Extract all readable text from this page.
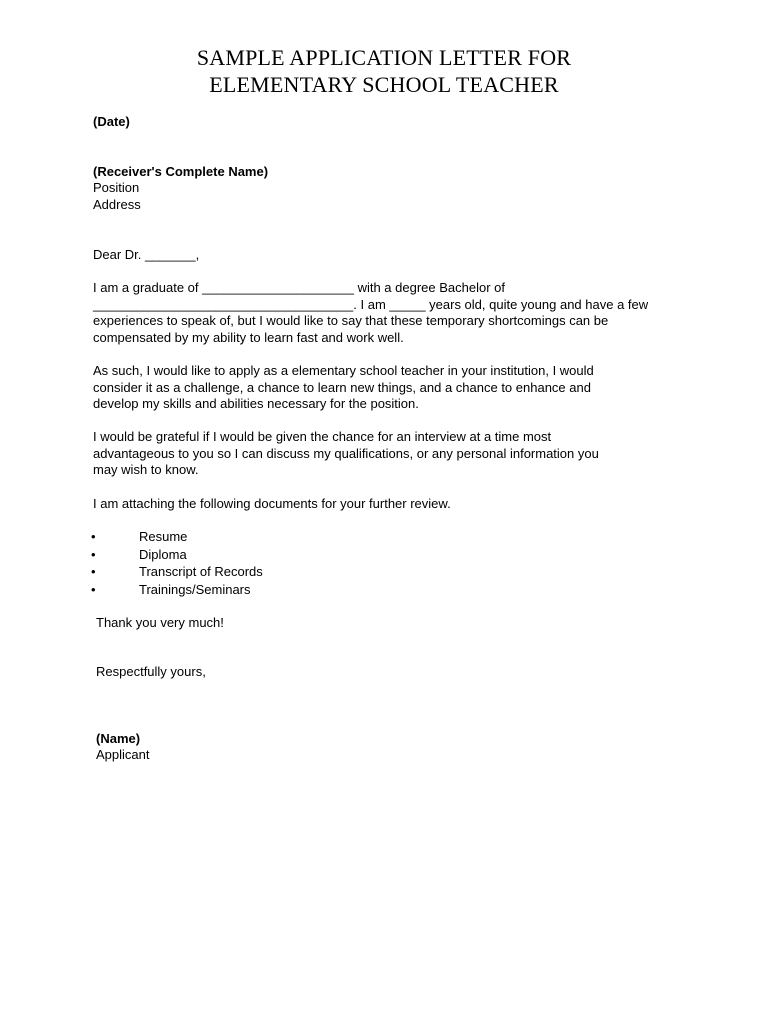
SAMPLE APPLICATION LETTER FOR
ELEMENTARY SCHOOL TEACHER
(Date)
(Receiver's Complete Name)
Position
Address
Dear Dr. _______,
I am a graduate of _____________________ with a degree Bachelor of
____________________________________. I am _____ years old, quite young and have a few
experiences to speak of, but I would like to say that these temporary shortcomings can be
compensated by my ability to learn fast and work well.
As such, I would like to apply as a elementary school teacher in your institution, I would
consider it as a challenge, a chance to learn new things, and a chance to enhance and
develop my skills and abilities necessary for the position.
I would be grateful if I would be given the chance for an interview at a time most
advantageous to you so I can discuss my qualifications, or any personal information you
may wish to know.
I am attaching the following documents for your further review.
•	Resume
•	Diploma
•	Transcript of Records
•	Trainings/Seminars
Thank you very much!
Respectfully yours,
(Name)
Applicant
